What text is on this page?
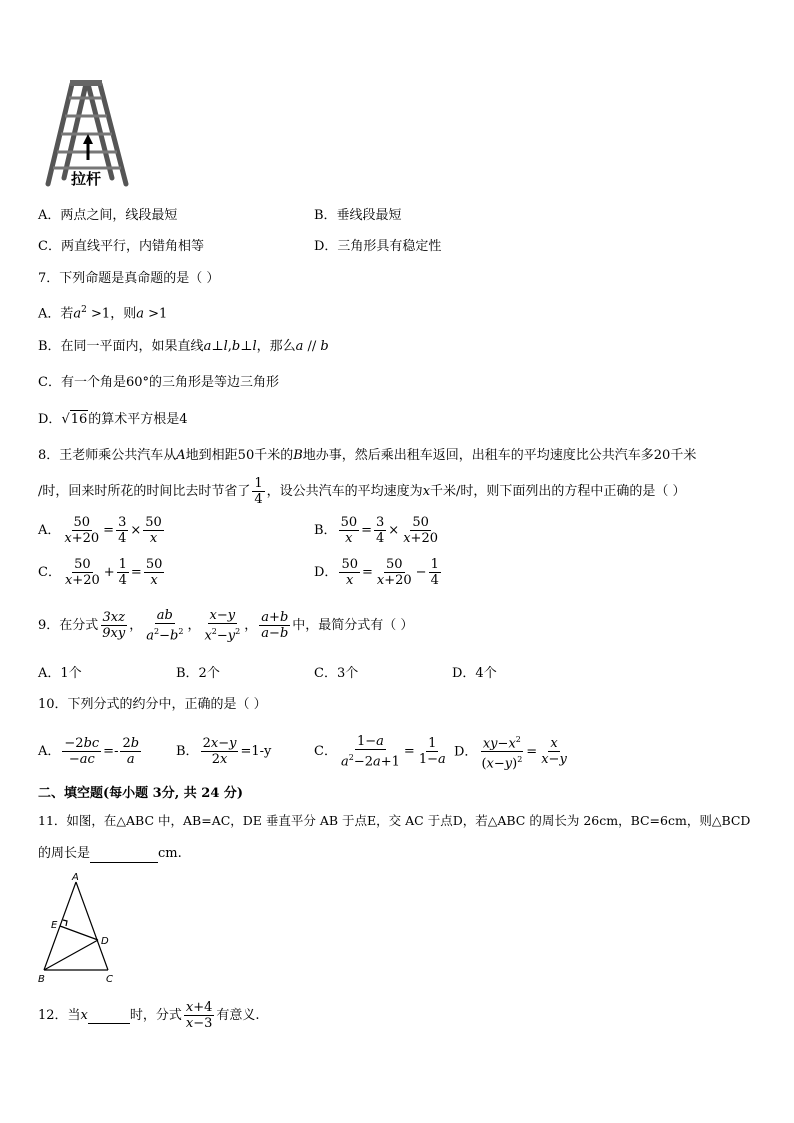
拉杆
A．两点之间，线段最短	B．垂线段最短
C．两直线平行，内错角相等	D．三角形具有稳定性
7．下列命题是真命题的是（ ）
A．若$a^2 >1$，则a >1
B．在同一平面内，如果直线a⊥l,b⊥l，那么a // b
C．有一个角是60°的三角形是等边三角形
D．√ 16 的算术平方根是4
8．王老师乘公共汽车从A地到相距50千米的B地办事，然后乘出租车返回，出租车的平均速度比公共汽车多20千米
/时，回来时所花的时间比去时节省了 $\frac{1}{4}$ ，设公共汽车的平均速度为x千米/时，则下面列出的方程中正确的是（ ）
A． $\frac{50}{x+20} = \frac{3}{4} \times \frac{50}{x}$	B． $\frac{50}{x} = \frac{3}{4} \times \frac{50}{x+20}$
C． $\frac{50}{x+20} + \frac{1}{4} = \frac{50}{x}$	D． $\frac{50}{x} = \frac{50}{x+20} - \frac{1}{4}$
9．在分式 $\frac{3xz}{9xy}$ ， $\frac{ab}{a^2-b^2}$ ， $\frac{x-y}{x^2-y^2}$ ， $\frac{a+b}{a-b}$ 中，最简分式有（ ）
A．1个	B．2个	C．3个	D．4个
10．下列分式的约分中，正确的是（ ）
A． $\frac{-2bc}{-ac} =- \frac{2b}{a}$	B． $\frac{2x-y}{2x} =1-y$	C． $\frac{1-a}{a^2-2a+1} = \frac{1}{1-a}$ D． $\frac{xy-x^2}{(x-y)^2} = \frac{x}{x-y}$
二、填空题(每小题 3分, 共 24 分)
11．如图，在△ABC 中，AB=AC，DE 垂直平分 AB 于点E，交 AC 于点D，若△ABC 的周长为 26cm，BC=6cm，则△BCD
的周长是	cm.
A
E
D
B	C
12．当x	时，分式 $\frac{x+4}{x-3}$ 有意义.
